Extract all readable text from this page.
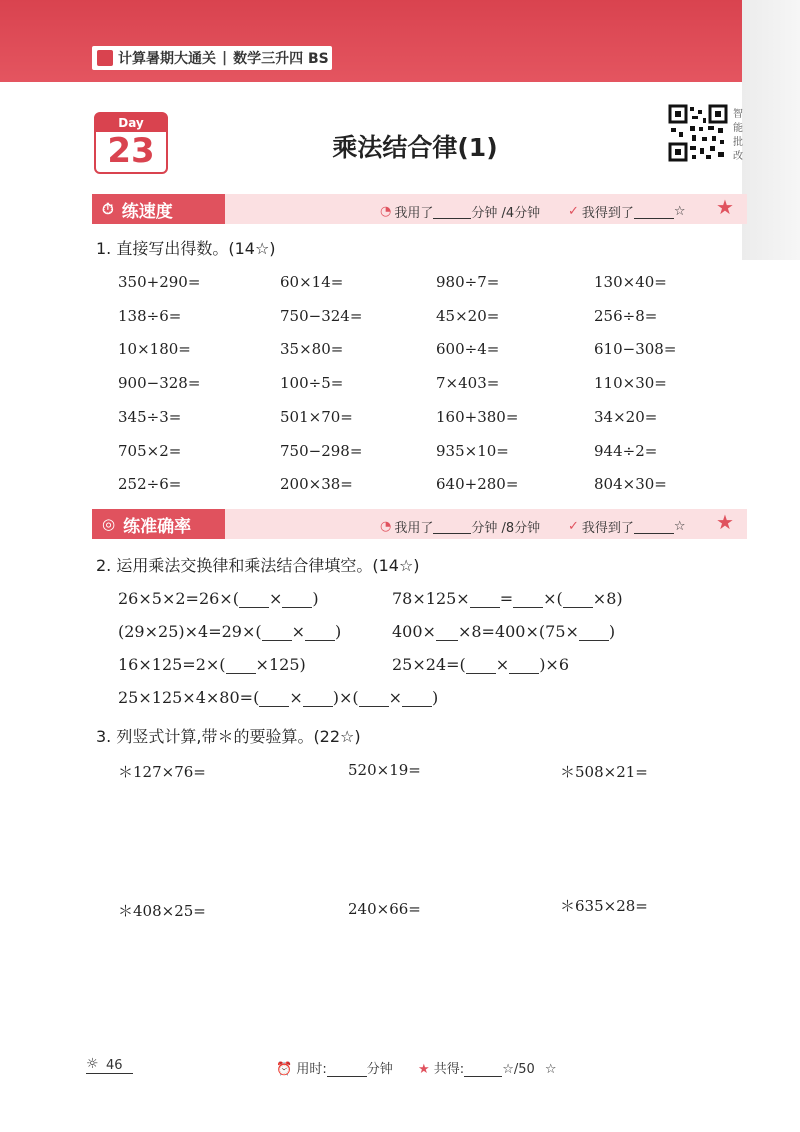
计算暑期大通关 | 数学三升四 BS
Day
23	乘法结合律(1)
智能批改
⏱ 练速度	◔ 我用了	分钟 /4分钟 ✓ 我得到了	☆ ★
1. 直接写出得数。(14☆)
350+290=	60×14=	980÷7=	130×40=
138÷6=	750−324=	45×20=	256÷8=
10×180=	35×80=	600÷4=	610−308=
900−328=	100÷5=	7×403=	110×30=
345÷3=	501×70=	160+380=	34×20=
705×2=	750−298=	935×10=	944÷2=
252÷6=	200×38=	640+280=	804×30=
◎ 练准确率	◔ 我用了	分钟 /8分钟 ✓ 我得到了	☆ ★
2. 运用乘法交换律和乘法结合律填空。(14☆)
26×5×2=26×( × )	78×125× = ×( ×8)
(29×25)×4=29×( × )	400× ×8=400×(75× )
16×125=2×( ×125)	25×24=( × )×6
25×125×4×80=( × )×( × )
3. 列竖式计算,带＊的要验算。(22☆)
＊127×76=	520×19=	＊508×21=
＊408×25=	240×66=	＊635×28=
⏰ 用时:	分钟 ★ 共得:	☆/50 ☆
☼ 46
